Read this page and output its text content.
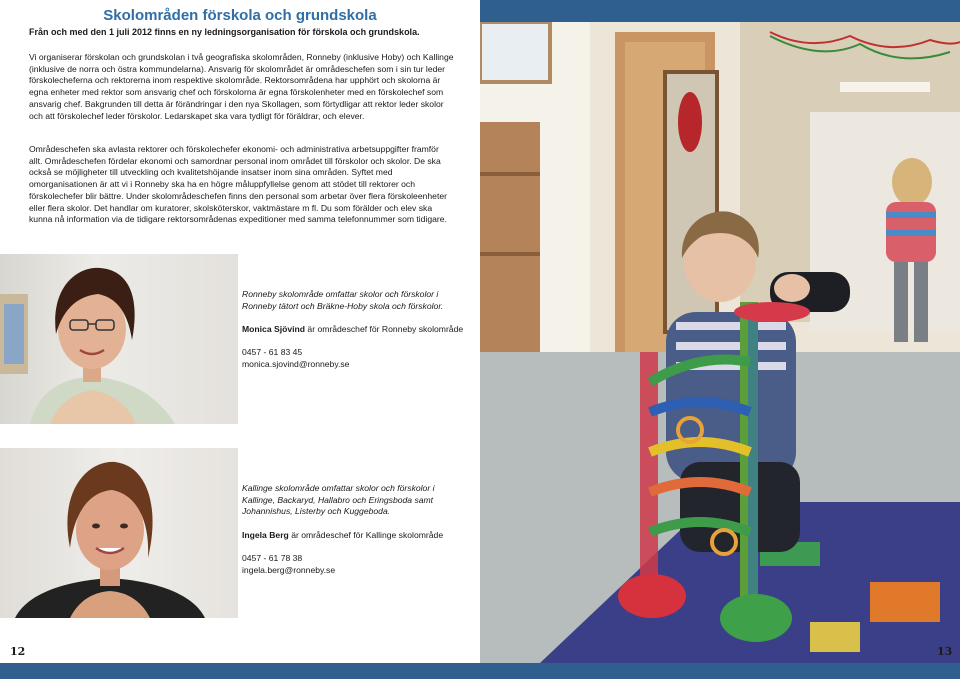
Skolområden förskola och grundskola
Från och med den 1 juli 2012 finns en ny ledningsorganisation för förskola och grundskola.

Vi organiserar förskolan och grundskolan i två geografiska skolområden, Ronneby (inklusive Hoby) och Kallinge (inklusive de norra och östra kommundelarna). Ansvarig för skolområdet är områdeschefen som i sin tur leder förskolecheferna och rektorerna inom respektive skolområde. Rektorsområdena har upphört och skolorna är egna enheter med rektor som ansvarig chef och förskolorna är egna förskolenheter med en förskolechef som ansvarig chef. Bakgrunden till detta är förändringar i den nya Skollagen, som förtydligar att rektor leder skolor och att förskolechef leder förskolor. Ledarskapet ska vara tydligt för föräldrar, och elever.

Områdeschefen ska avlasta rektorer och förskolechefer ekonomi- och administrativa arbetsuppgifter framför allt. Områdeschefen fördelar ekonomi och samordnar personal inom området till förskolor och skolor. De ska också se möjligheter till utveckling och kvalitetshöjande insatser inom sina områden. Syftet med omorganisationen är att vi i Ronneby ska ha en högre måluppfyllelse genom att stödet till rektorer och förskolechefer blir bättre. Under skolområdeschefen finns den personal som arbetar över flera förskoleenheter eller flera skolor. Det handlar om kuratorer, skolsköterskor, vaktmästare m fl. Du som förälder och elev ska kunna nå information via de tidigare rektorsområdenas expeditioner med samma telefonnummer som tidigare.

Ronneby skolområde omfattar skolor och förskolor i Ronneby tätort och Bräkne-Hoby skola och förskolor.

Monica Sjövind är områdeschef för Ronneby skolområde

0457 - 61 83 45

monica.sjovind@ronneby.se

Kallinge skolområde omfattar skolor och förskolor i Kallinge, Backaryd, Hallabro och Eringsboda samt Johannishus, Listerby och Kuggeboda.

Ingela Berg är områdeschef för Kallinge skolområde

0457 - 61 78 38

ingela.berg@ronneby.se

12	13
